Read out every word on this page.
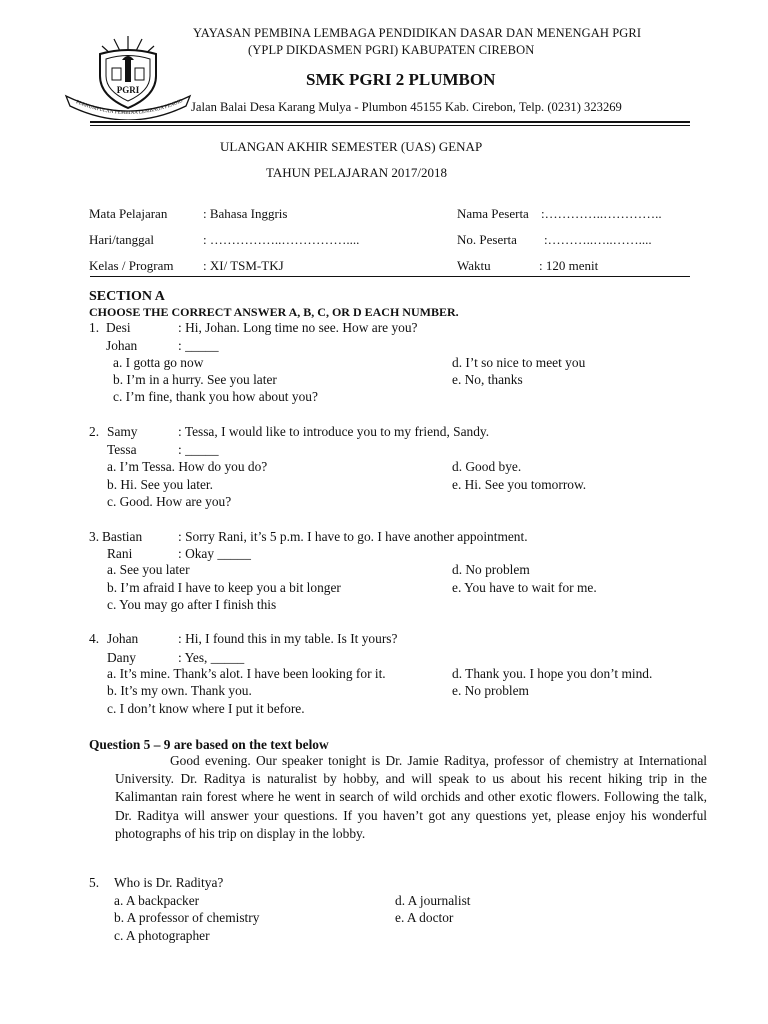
PGRI
PERKUMPULAN PEMBINA LEMBAGA PENDID
YAYASAN PEMBINA LEMBAGA PENDIDIKAN DASAR DAN MENENGAH PGRI
(YPLP DIKDASMEN PGRI) KABUPATEN CIREBON
SMK PGRI 2 PLUMBON
Jalan Balai Desa Karang Mulya - Plumbon 45155 Kab. Cirebon, Telp. (0231) 323269
ULANGAN AKHIR SEMESTER (UAS) GENAP
TAHUN PELAJARAN 2017/2018
Mata Pelajaran	: Bahasa Inggris	Nama Peserta :…………..…………..
Hari/tanggal	: ……………..……………....	No. Peserta :………..…..……....
Kelas / Program : XI/ TSM-TKJ	Waktu	: 120 menit
SECTION A
CHOOSE THE CORRECT ANSWER A, B, C, OR D EACH NUMBER.
1. Desi	: Hi, Johan. Long time no see. How are you?
Johan	: _____
a. I gotta go now
b. I’m in a hurry. See you later
c. I’m fine, thank you how about you?
d. I’t so nice to meet you
e. No, thanks
2. Samy	: Tessa, I would like to introduce you to my friend, Sandy.
Tessa	: _____
a. I’m Tessa. How do you do?
b. Hi. See you later.
c. Good. How are you?
d. Good bye.
e. Hi. See you tomorrow.
3. Bastian	: Sorry Rani, it’s 5 p.m. I have to go. I have another appointment.
Rani	: Okay _____
a. See you later
b. I’m afraid I have to keep you a bit longer
c. You may go after I finish this
d. No problem
e. You have to wait for me.
4. Johan	: Hi, I found this in my table. Is It yours?
Dany	: Yes, _____
a. It’s mine. Thank’s alot. I have been looking for it.
b. It’s my own. Thank you.
c. I don’t know where I put it before.
d. Thank you. I hope you don’t mind.
e. No problem
Question 5 – 9 are based on the text below

Good evening. Our speaker tonight is Dr. Jamie Raditya, professor of chemistry at International University. Dr. Raditya is naturalist by hobby, and will speak to us about his recent hiking trip in the Kalimantan rain forest where he went in search of wild orchids and other exotic flowers. Following the talk, Dr. Raditya will answer your questions. If you haven’t got any questions yet, please enjoy his wonderful photographs of his trip on display in the lobby.

5. Who is Dr. Raditya?
a. A backpacker
b. A professor of chemistry
c. A photographer
d. A journalist
e. A doctor
